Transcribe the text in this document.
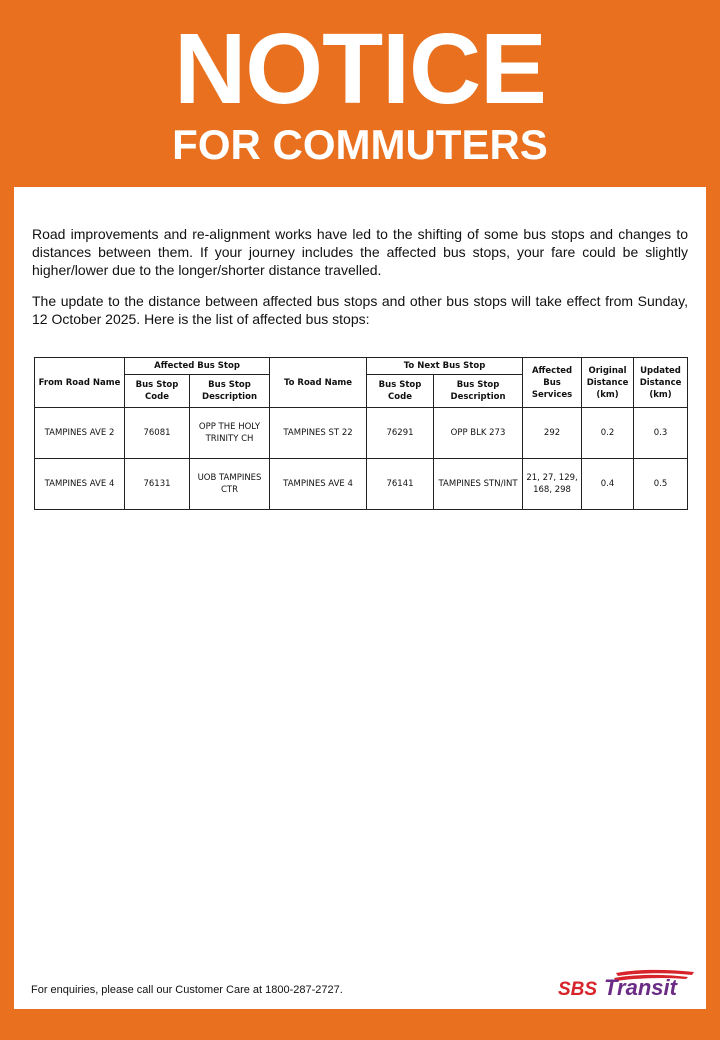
NOTICE
FOR COMMUTERS

Road improvements and re-alignment works have led to the shifting of some bus stops and changes to distances between them. If your journey includes the affected bus stops, your fare could be slightly higher/lower due to the longer/shorter distance travelled.

The update to the distance between affected bus stops and other bus stops will take effect from Sunday, 12 October 2025. Here is the list of affected bus stops:

From Road Name	Affected Bus Stop		To Road Name	To Next Bus Stop		Affected Bus Services	Original Distance (km)	Updated Distance (km)
	Bus Stop Code	Bus Stop Description		Bus Stop Code	Bus Stop Description			
TAMPINES AVE 2	76081	OPP THE HOLY TRINITY CH	TAMPINES ST 22	76291	OPP BLK 273	292	0.2	0.3
TAMPINES AVE 4	76131	UOB TAMPINES CTR	TAMPINES AVE 4	76141	TAMPINES STN/INT	21, 27, 129, 168, 298	0.4	0.5
For enquiries, please call our Customer Care at 1800-287-2727.	SBS Transit
